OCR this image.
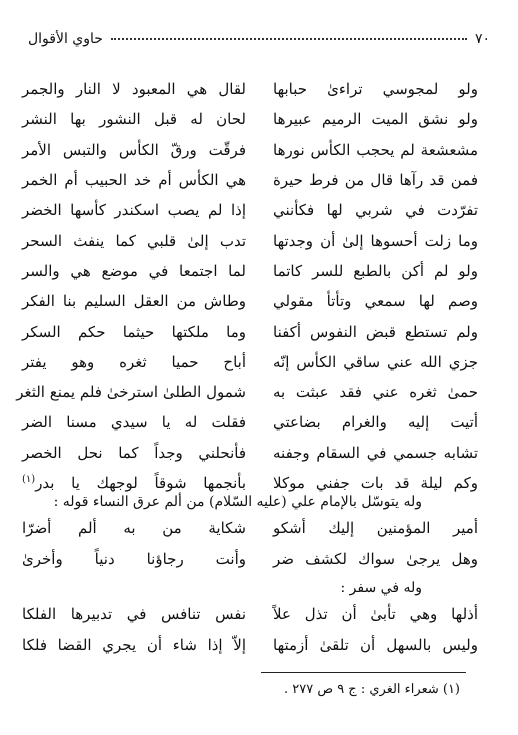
٧٠
حاوي الأقوال
ولو لمجوسي تراءىٰ حبابها
لقال هي المعبود لا النار والجمر
ولو نشق الميت الرميم عبيرها
لحان له قبل النشور بها النشر
مشعشعة لم يحجب الكأس نورها
فرقّت ورقّ الكأس والتبس الأمر
فمن قد رآها قال من فرط حيرة
هي الكأس أم خد الحبيب أم الخمر
تفرّدت في شربي لها فكأنني
إذا لم يصب اسكندر كأسها الخضر
وما زلت أحسوها إلىٰ أن وجدتها
تدب إلىٰ قلبي كما ينفث السحر
ولو لم أكن بالطبع للسر كاتما
لما اجتمعا في موضع هي والسر
وصم لها سمعي وتأتأ مقولي
وطاش من العقل السليم بنا الفكر
ولم تستطع قبض النفوس أكفنا
وما ملكتها حيثما حكم السكر
جزي الله عني ساقي الكأس إنّه
أباح حميا ثغره وهو يفتر
حمىٰ ثغره عني فقد عبثت به
شمول الطلىٰ استرخىٰ فلم يمنع الثغر
أتيت إليه والغرام بضاعتي
فقلت له يا سيدي مسنا الضر
تشابه جسمي في السقام وجفنه
فأنحلني وجداً كما نحل الخصر
وكم ليلة قد بات جفني موكلا
بأنجمها شوقاً لوجهك يا بدر$^{(١)}$
وله يتوسّل بالإمام علي (عليه السّلام) من ألم عرق النساء قوله :
أمير المؤمنين إليك أشكو
شكاية من به ألم أضرّا
وهل يرجىٰ سواك لكشف ضر
وأنت رجاؤنا دنياً وأخرىٰ
وله في سفر :
أذلها وهي تأبىٰ أن تذل علاً
نفس تنافس في تدبيرها الفلكا
وليس بالسهل أن تلقىٰ أزمتها
إلاّ إذا شاء أن يجري القضا فلكا
(١) شعراء الغري : ج ٩ ص ٢٧٧ .
